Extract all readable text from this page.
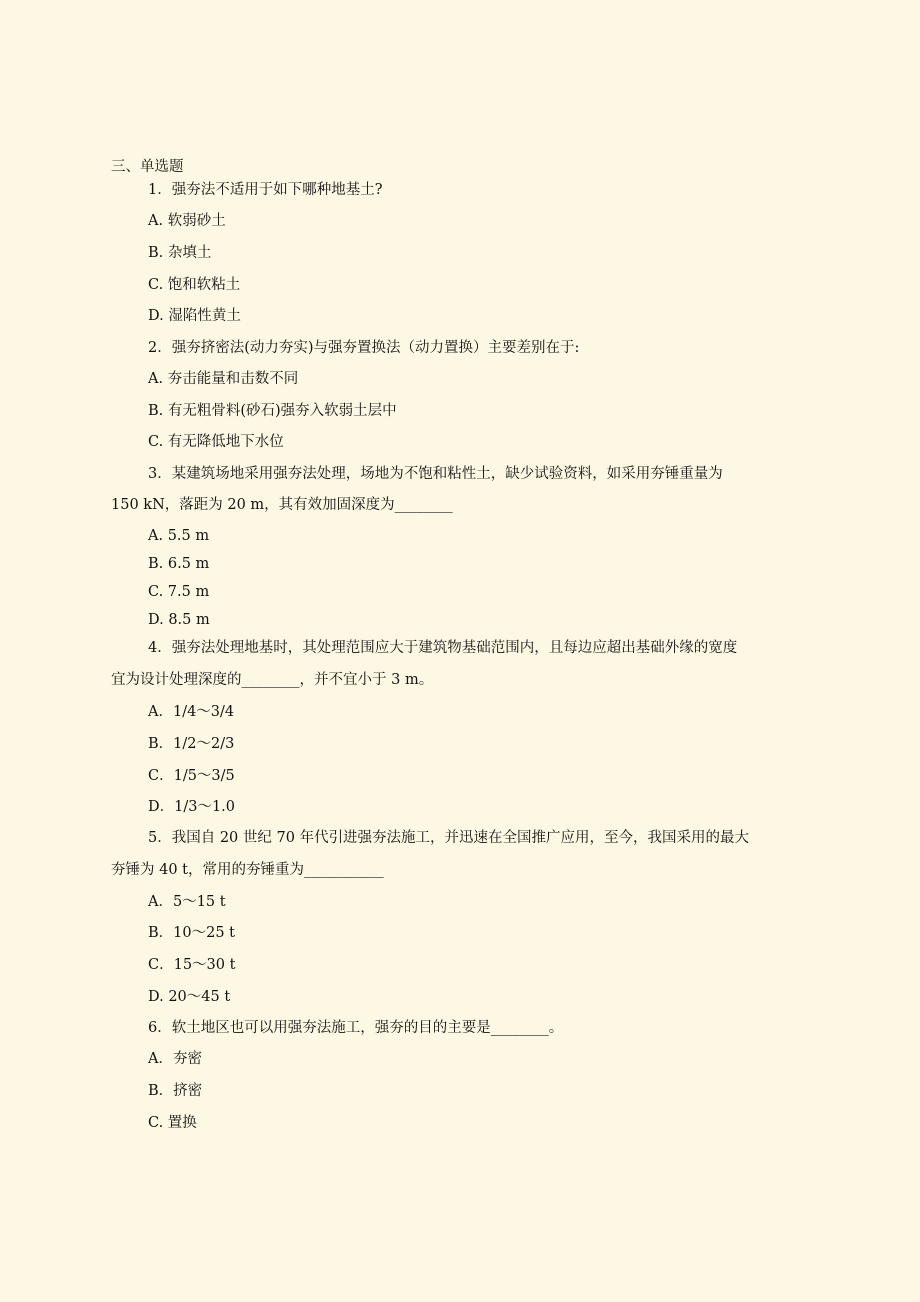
三、单选题
1．强夯法不适用于如下哪种地基土?
A. 软弱砂土
B. 杂填土
C. 饱和软粘土
D. 湿陷性黄土
2．强夯挤密法(动力夯实)与强夯置换法（动力置换）主要差别在于:
A. 夯击能量和击数不同
B. 有无粗骨料(砂石)强夯入软弱土层中
C. 有无降低地下水位
3．某建筑场地采用强夯法处理，场地为不饱和粘性土，缺少试验资料，如采用夯锤重量为
150 kN，落距为 20 m，其有效加固深度为________
A. 5.5 m
B. 6.5 m
C. 7.5 m
D. 8.5 m
4．强夯法处理地基时，其处理范围应大于建筑物基础范围内，且每边应超出基础外缘的宽度
宜为设计处理深度的________，并不宜小于 3 m。
A．1/4～3/4
B．1/2～2/3
C．1/5～3/5
D．1/3～1.0
5．我国自 20 世纪 70 年代引进强夯法施工，并迅速在全国推广应用，至今，我国采用的最大
夯锤为 40 t，常用的夯锤重为___________
A．5～15 t
B．10～25 t
C．15～30 t
D. 20～45 t
6．软土地区也可以用强夯法施工，强夯的目的主要是________。
A．夯密
B．挤密
C. 置换
